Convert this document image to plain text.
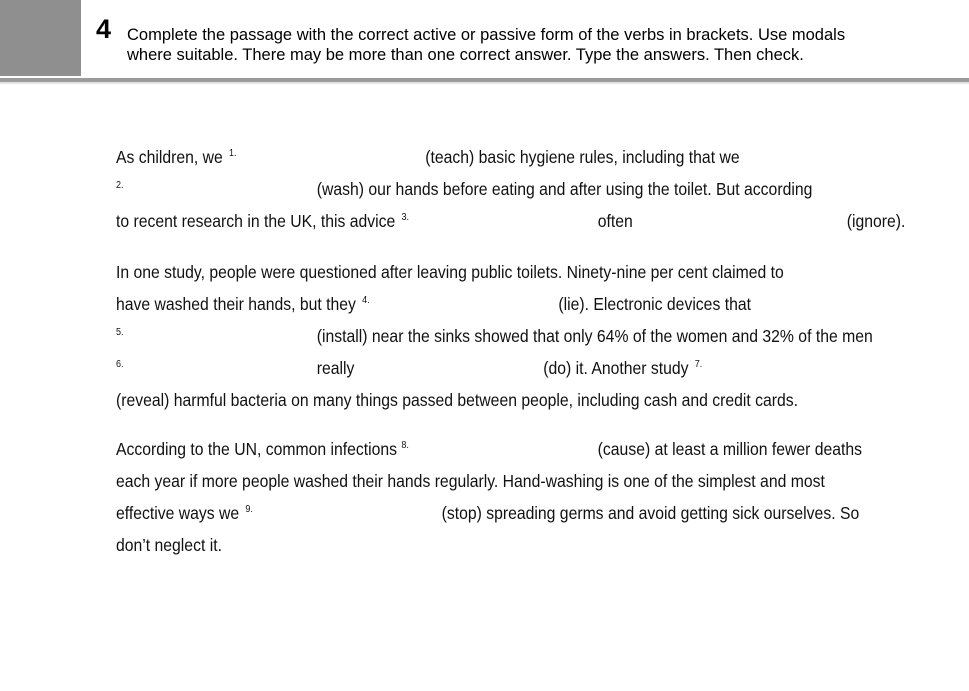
4 Complete the passage with the correct active or passive form of the verbs in brackets. Use modals
where suitable. There may be more than one correct answer. Type the answers. Then check.
As children, we $^{1.}$	(teach) basic hygiene rules, including that we
$^{2.}$	(wash) our hands before eating and after using the toilet. But according
to recent research in the UK, this advice $^{3.}$	often	(ignore).
In one study, people were questioned after leaving public toilets. Ninety-nine per cent claimed to
have washed their hands, but they $^{4.}$	(lie). Electronic devices that
$^{5.}$	(install) near the sinks showed that only 64% of the women and 32% of the men
$^{6.}$	really	(do) it. Another study $^{7.}$
(reveal) harmful bacteria on many things passed between people, including cash and credit cards.
According to the UN, common infections $^{8.}$	(cause) at least a million fewer deaths
each year if more people washed their hands regularly. Hand-washing is one of the simplest and most
effective ways we $^{9.}$	(stop) spreading germs and avoid getting sick ourselves. So
don’t neglect it.
